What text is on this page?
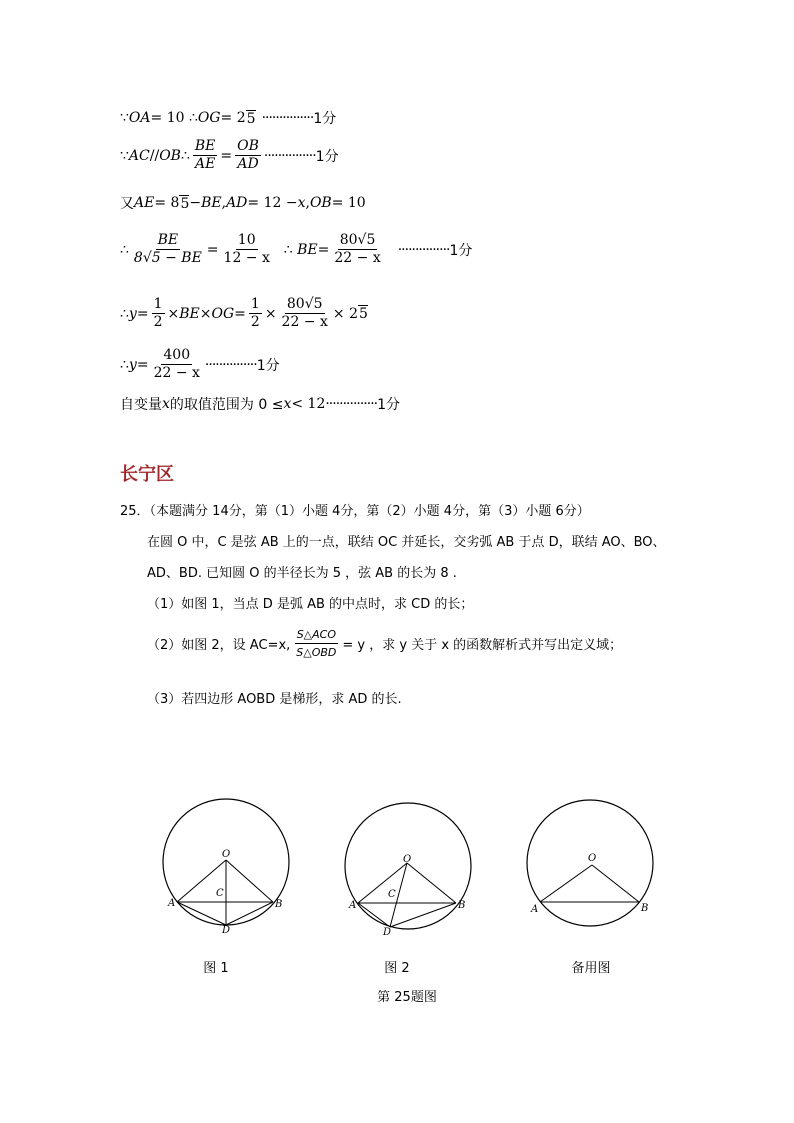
∵ OA = 10 ∴ OG = 2 5 ··············· 1分
∵ AC // OB ∴ $\frac{BE}{AE} = \frac{OB}{AD}$ ··············· 1分
又 AE = 8 5 − BE , AD = 12 − x , OB = 10
∴ $\frac{BE}{8√5 - BE} = \frac{10}{12 - x}$ ∴ BE = $\frac{80√5}{22 - x}$ ··············· 1分
∴ $y = \frac{1}{2}$ × BE × OG = $\frac{1}{2} \times \frac{80√5}{22 - x} \times 2$ 5
∴ $y = \frac{400}{22 - x}$ ··············· 1分
自变量 x 的取值范围为 0 ≤ x < 12 ··············· 1分
长宁区
25．（本题满分 14分，第（1）小题 4分，第（2）小题 4分，第（3）小题 6分）
在圆 O 中，C 是弦 AB 上的一点，联结 OC 并延长，交劣弧 AB 于点 D，联结 AO、BO、
AD、BD. 已知圆 O 的半径长为 5 ，弦 AB 的长为 8 .
（1）如图 1，当点 D 是弧 AB 的中点时，求 CD 的长；
（2）如图 2，设 AC=x, $\frac{\text{S△ACO}}{\text{S△OBD}} = y$ ，求 y 关于 x 的函数解析式并写出定义域；
（3）若四边形 AOBD 是梯形，求 AD 的长.
O
C
A	B
D
O
C
A	B
D
O
A	B
图 1	图 2	备用图
第 25题图
